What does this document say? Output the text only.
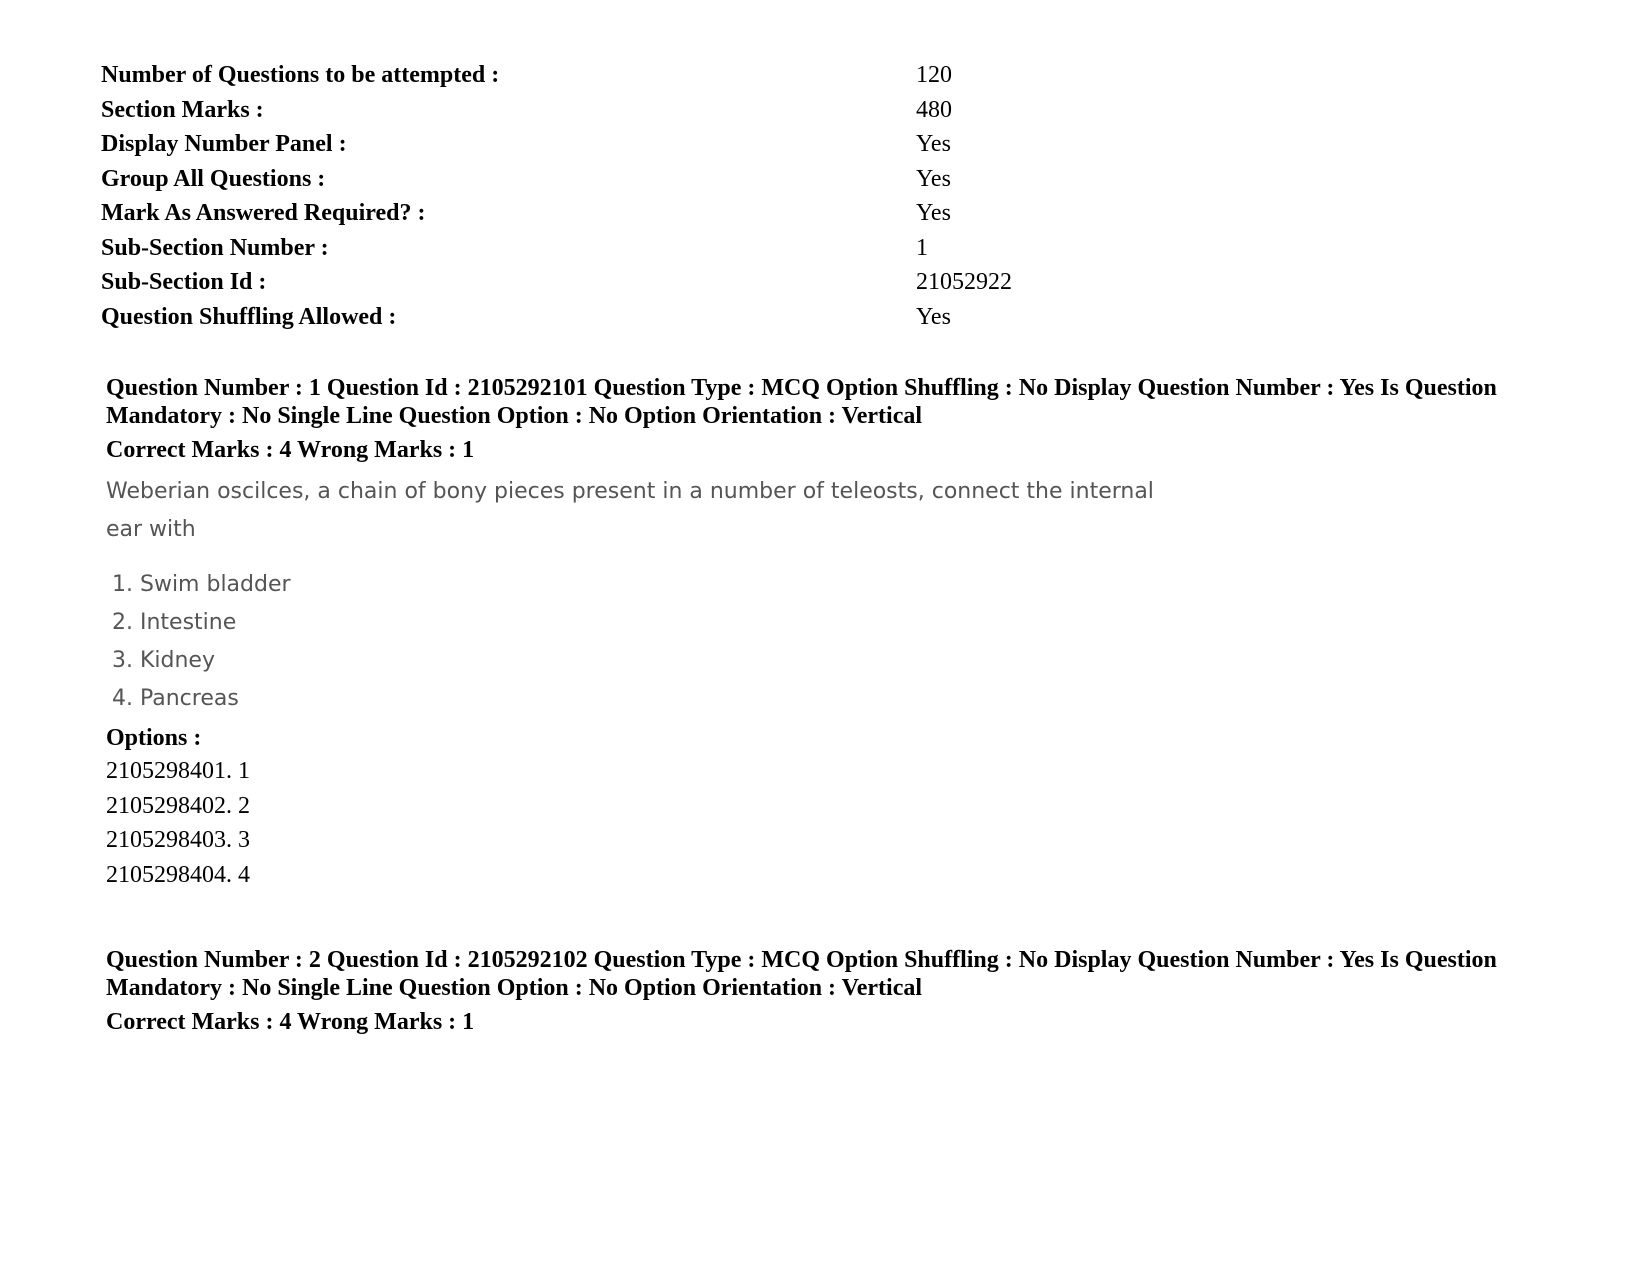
Number of Questions to be attempted :	120
Section Marks :	480
Display Number Panel :	Yes
Group All Questions :	Yes
Mark As Answered Required? :	Yes
Sub-Section Number :	1
Sub-Section Id :	21052922
Question Shuffling Allowed :	Yes

Question Number : 1 Question Id : 2105292101 Question Type : MCQ Option Shuffling : No Display Question Number : Yes Is Question Mandatory : No Single Line Question Option : No Option Orientation : Vertical

Correct Marks : 4 Wrong Marks : 1
Weberian oscilces, a chain of bony pieces present in a number of teleosts, connect the internal ear with
1. Swim bladder
2. Intestine
3. Kidney
4. Pancreas
Options :
2105298401. 1
2105298402. 2
2105298403. 3
2105298404. 4

Question Number : 2 Question Id : 2105292102 Question Type : MCQ Option Shuffling : No Display Question Number : Yes Is Question Mandatory : No Single Line Question Option : No Option Orientation : Vertical

Correct Marks : 4 Wrong Marks : 1
